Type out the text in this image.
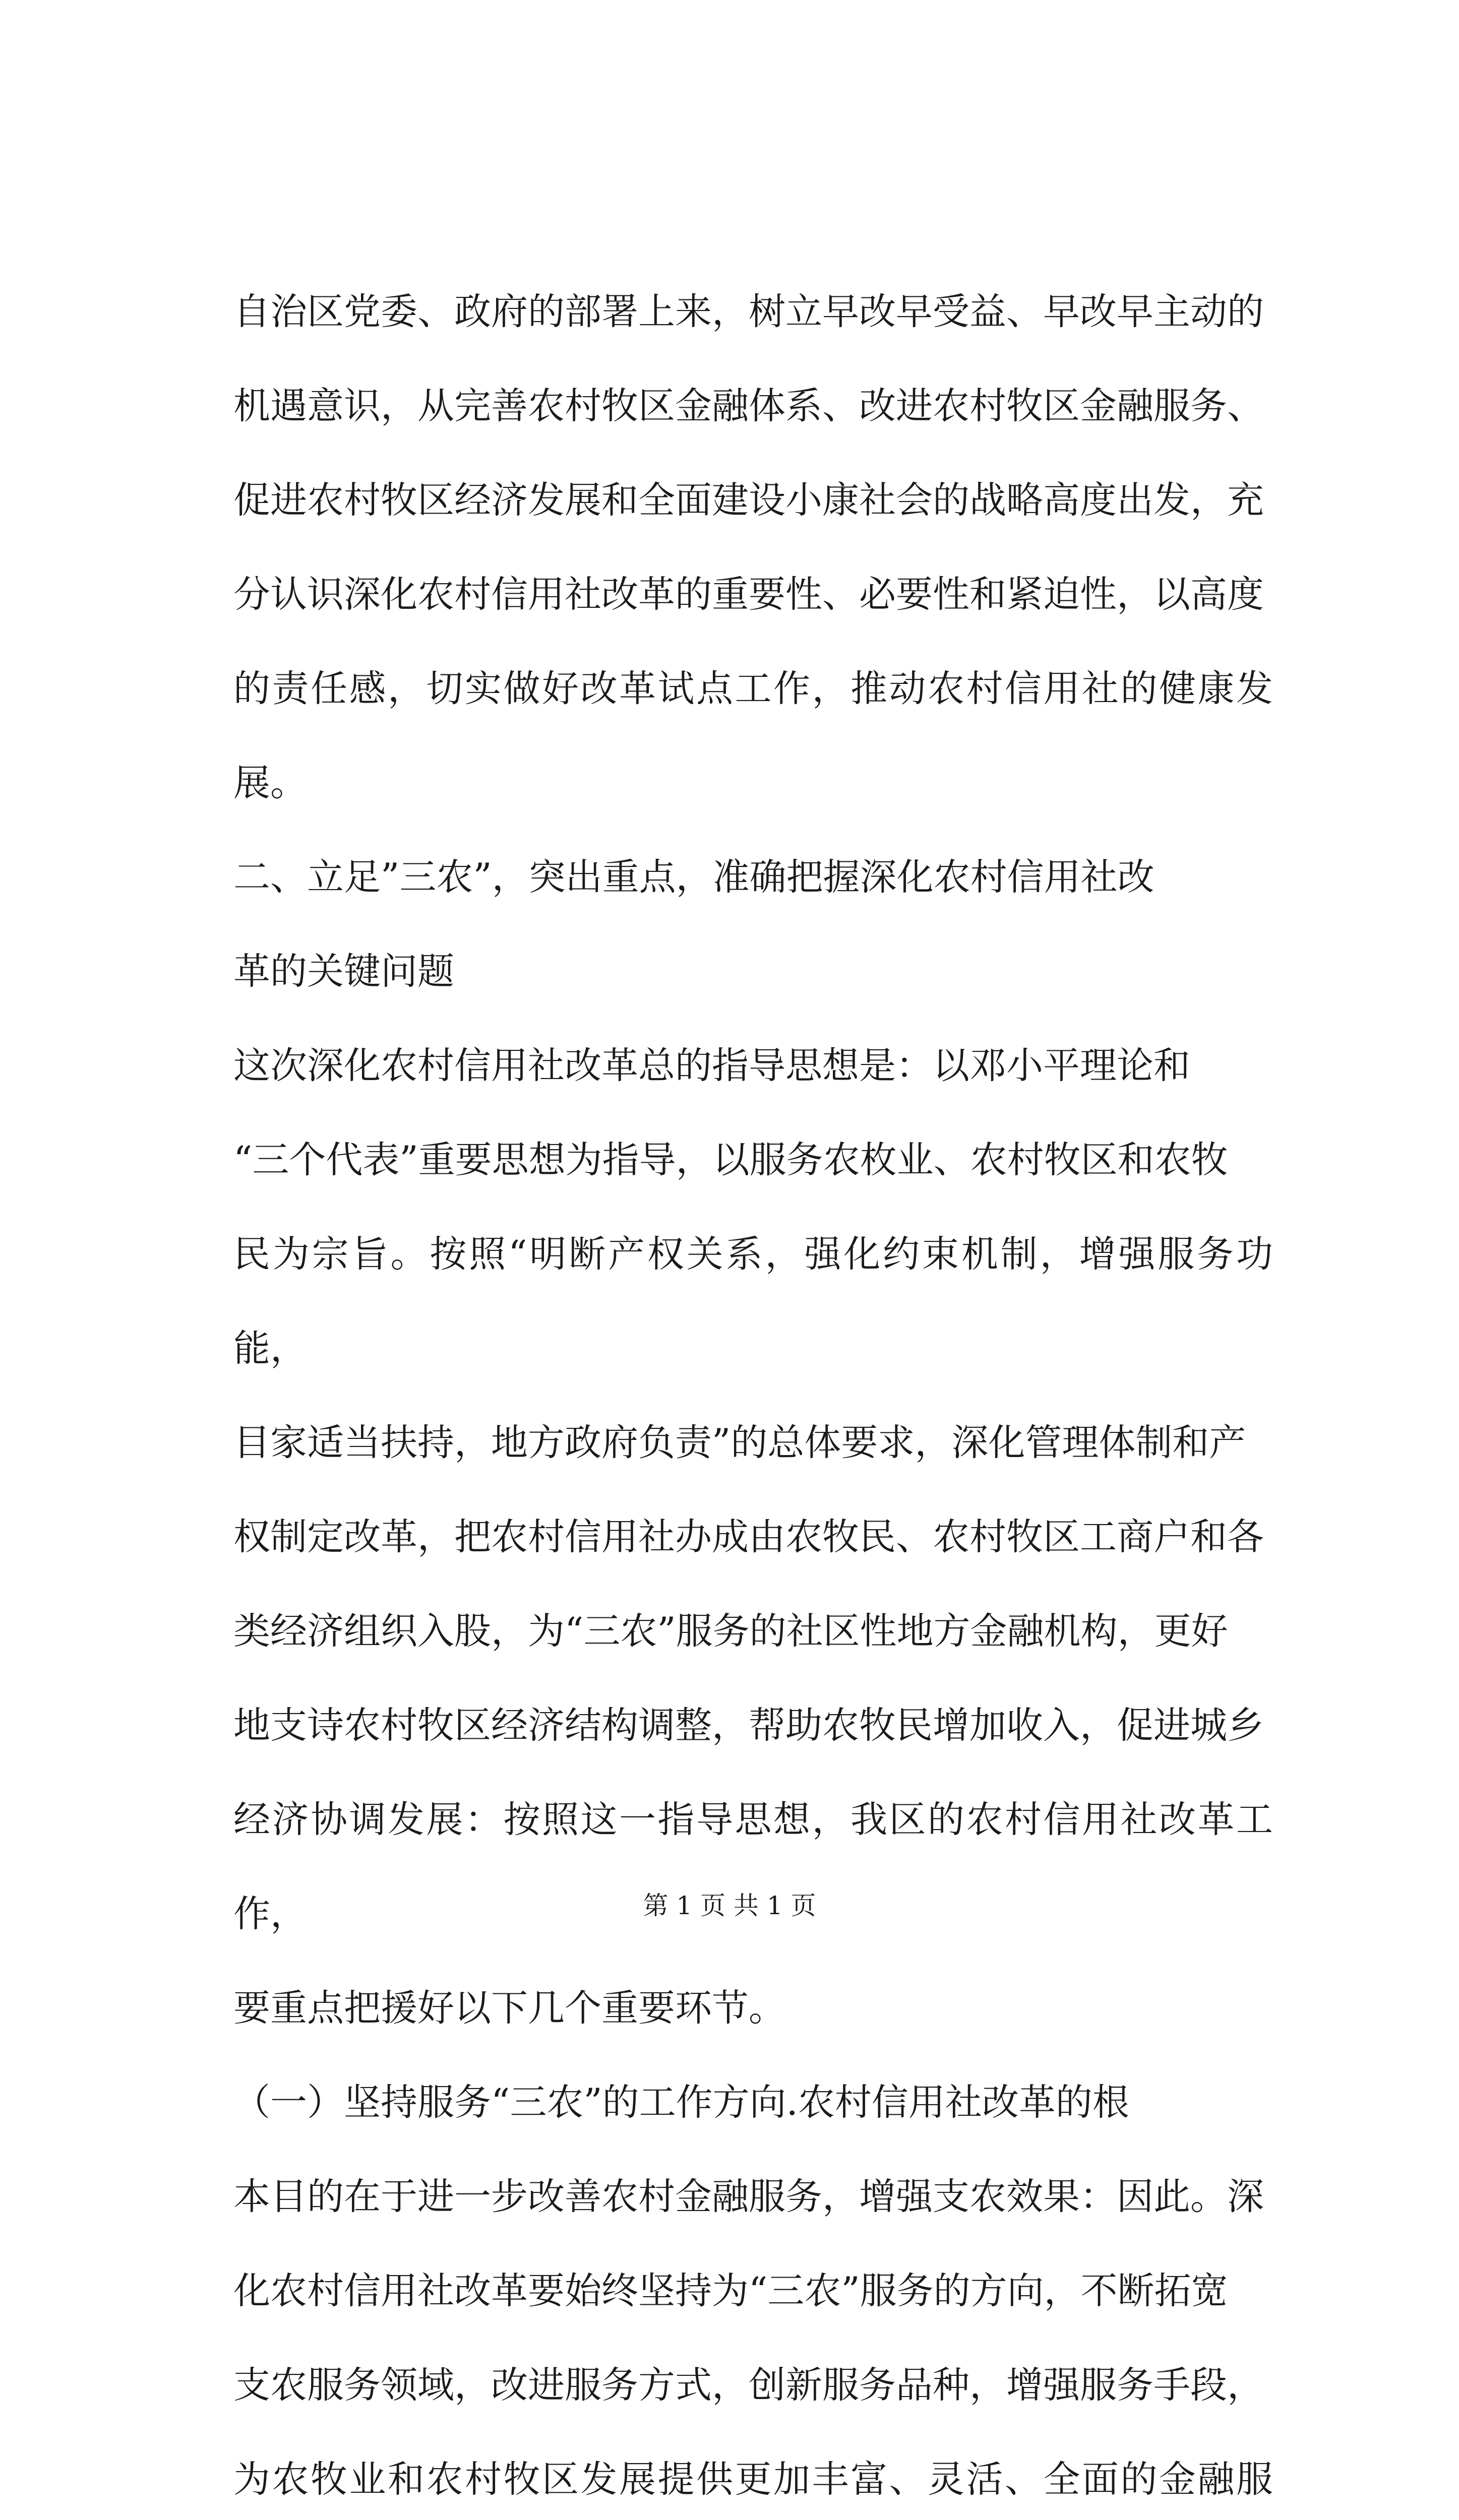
自治区党委、政府的部署上来，树立早改早受益、早改早主动的
机遇意识，从完善农村牧区金融体系、改进农村牧区金融服务、
促进农村牧区经济发展和全面建设小康社会的战略高度出发，充
分认识深化农村信用社改革的重要性、必要性和紧迫性，以高度
的责任感，切实做好改革试点工作，推动农村信用社的健康发展。

二、立足”三农”，突出重点，准确把握深化农村信用社改
革的关键问题

这次深化农村信用社改革总的指导思想是：以邓小平理论和
“三个代表”重要思想为指导，以服务农枚业、农村牧区和农牧
民为宗旨。按照“明断产权关系，强化约束机制，增强服务功能，
目家适当扶持，地方政府负责”的总体要求，深化管理体制和产
权制定改革，把农村信用社办成由农牧民、农村牧区工商户和各
类经济组织入股，为“三农”服务的社区性地方金融机构，更好
地支诗农村牧区经济结构调整，帮助农牧民增加收入，促进城乡
经济协调发展：按照这一指导思想，我区的农村信用社改革工作，
要重点把援好以下几个重要环节。

（一）坚持服务“三农”的工作方向.农村信用社改革的根
本目的在于进一步改善农村金融服务，增强支农效果：因此。深
化农村信用社改革要始终坚持为“三农”服务的方向，不断拓宽
支农服务领域，改进服务方式，创新服务品种，增强服务手段，
为农牧业和农村牧区发展提供更加丰富、灵活、全面的金融服

第 1 页 共 1 页
